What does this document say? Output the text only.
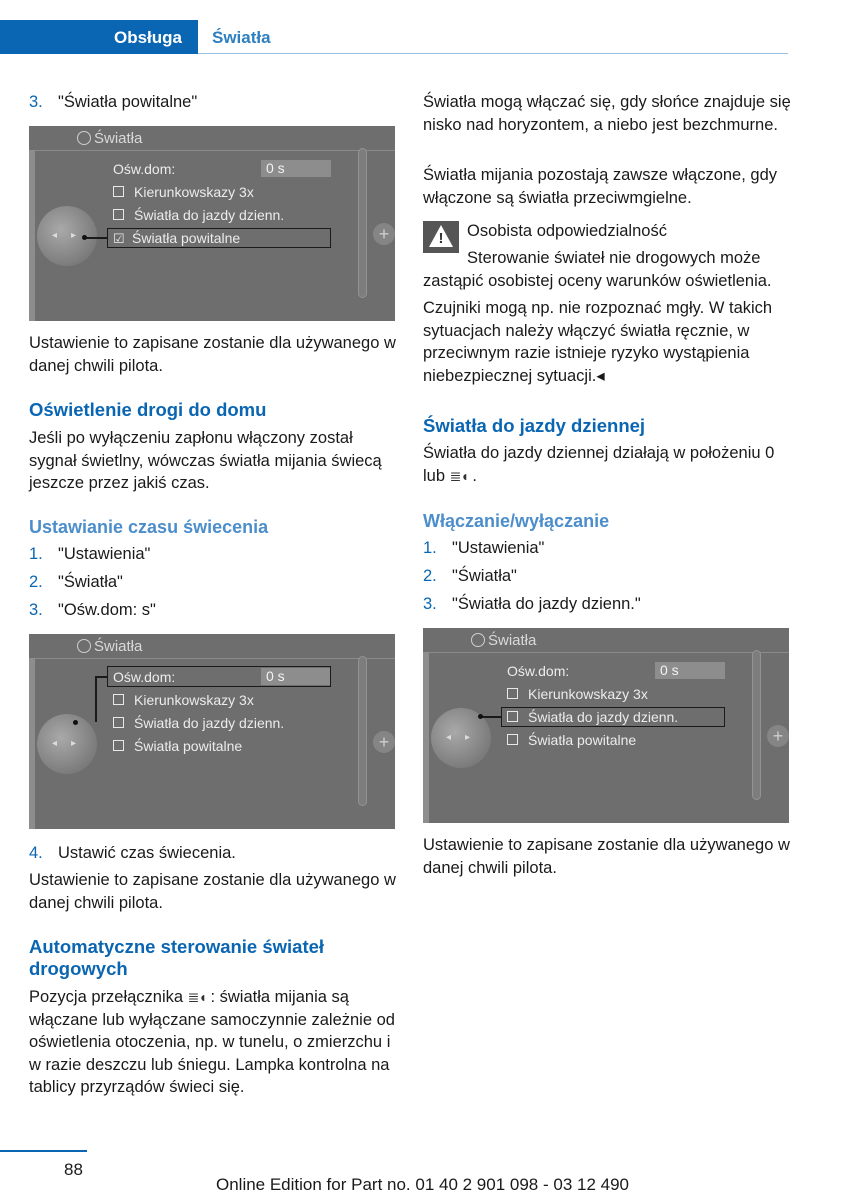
Obsługa Światła
3. "Światła powitalne"
Światła
◂ ▸	+
Ośw.dom:	0 s
Kierunkowskazy 3x
Światła do jazdy dzienn.
☑ Światła powitalne
Ustawienie to zapisane zostanie dla używanego w danej chwili pilota.
Oświetlenie drogi do domu
Jeśli po wyłączeniu zapłonu włączony został sygnał świetlny, wówczas światła mijania świecą jeszcze przez jakiś czas.
Ustawianie czasu świecenia
1. "Ustawienia"
2. "Światła"
3. "Ośw.dom: s"
Światła
◂ ▸	+
Ośw.dom:	0 s
Kierunkowskazy 3x
Światła do jazdy dzienn.
Światła powitalne
4. Ustawić czas świecenia.
Ustawienie to zapisane zostanie dla używanego w danej chwili pilota.
Automatyczne sterowanie świateł drogowych
Pozycja przełącznika ≣◖ : światła mijania są włączane lub wyłączane samoczynnie zależnie od oświetlenia otoczenia, np. w tunelu, o zmierzchu i w razie deszczu lub śniegu. Lampka kontrolna na tablicy przyrządów świeci się.
Światła mogą włączać się, gdy słońce znajduje się nisko nad horyzontem, a niebo jest bezchmurne.
Światła mijania pozostają zawsze włączone, gdy włączone są światła przeciwmgielne.
! Osobista odpowiedzialność
Sterowanie świateł nie drogowych może zastąpić osobistej oceny warunków oświetlenia.
Czujniki mogą np. nie rozpoznać mgły. W takich sytuacjach należy włączyć światła ręcznie, w przeciwnym razie istnieje ryzyko wystąpienia niebezpiecznej sytuacji.◂
Światła do jazdy dziennej
Światła do jazdy dziennej działają w położeniu 0 lub ≣◖ .
Włączanie/wyłączanie
1. "Ustawienia"
2. "Światła"
3. "Światła do jazdy dzienn."
Światła
◂ ▸	+
Ośw.dom:	0 s
Kierunkowskazy 3x
Światła do jazdy dzienn.
Światła powitalne
Ustawienie to zapisane zostanie dla używanego w danej chwili pilota.
88
Online Edition for Part no. 01 40 2 901 098 - 03 12 490
